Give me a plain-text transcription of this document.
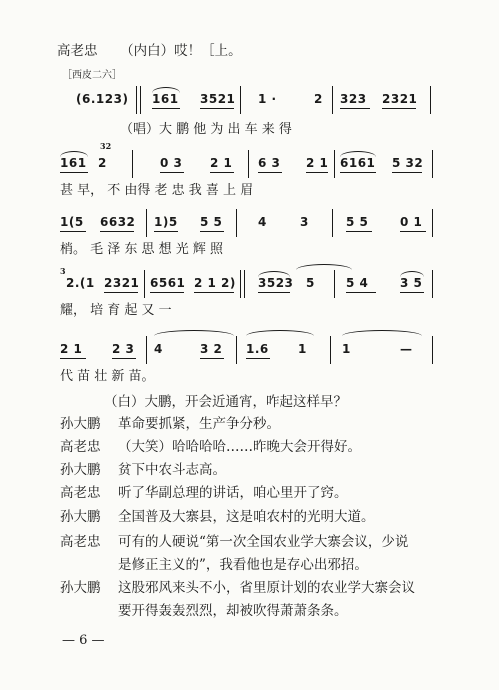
高老忠 （内白）哎！［上。
［西皮二六］
(6.123) 161 3521 1 ·	2 323 2321
（唱）大 鹏 他 为 出 车 来 得
32
161 2	0 3 2 1 6 3 2 1 6161 5 32
甚 早， 不 由得 老 忠 我 喜 上 眉
1(5 6632 1)5 5 5	4	3	5 5	0 1
梢。 毛 泽 东 思 想 光 辉 照
3
2.(1 2321 6561 2 1 2) 3523 5	5 4	3 5
耀， 培 育 起 又 一
2 1 2 3 4	3 2 1.6 1	1	—
代 苗 壮 新 苗。
（白）大鹏，开会近通宵，咋起这样早？
孙大鹏 革命要抓紧，生产争分秒。
高老忠 （大笑）哈哈哈哈……昨晚大会开得好。
孙大鹏 贫下中农斗志高。
高老忠 听了华副总理的讲话，咱心里开了窍。
孙大鹏 全国普及大寨县，这是咱农村的光明大道。
高老忠 可有的人硬说“第一次全国农业学大寨会议，少说
是修正主义的”，我看他也是存心出邪招。
孙大鹏 这股邪风来头不小，省里原计划的农业学大寨会议
要开得轰轰烈烈，却被吹得萧萧条条。
— 6 —
